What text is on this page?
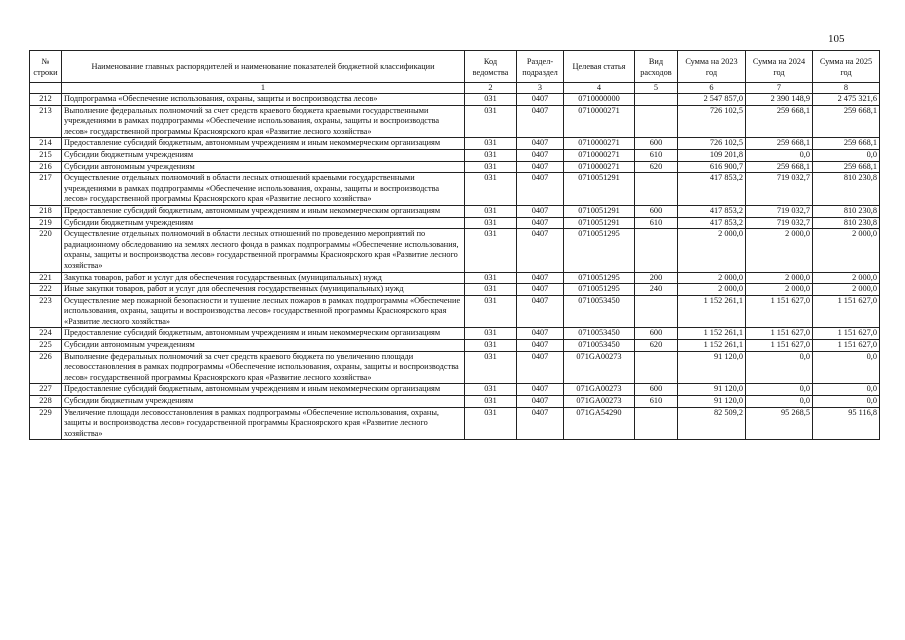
105
№ строки	Наименование главных распорядителей и наименование показателей бюджетной классификации	Код ведомства	Раздел-подраздел	Целевая статья	Вид расходов	Сумма на 2023 год	Сумма на 2024 год	Сумма на 2025 год
	1	2	3	4	5	6	7	8
212	Подпрограмма «Обеспечение использования, охраны, защиты и воспроизводства лесов»	031	0407	0710000000		2 547 857,0	2 390 148,9	2 475 321,6
213	Выполнение федеральных полномочий за счет средств краевого бюджета краевыми государственными учреждениями в рамках подпрограммы «Обеспечение использования, охраны, защиты и воспроизводства лесов» государственной программы Красноярского края «Развитие лесного хозяйства»	031	0407	0710000271		726 102,5	259 668,1	259 668,1
214	Предоставление субсидий бюджетным, автономным учреждениям и иным некоммерческим организациям	031	0407	0710000271	600	726 102,5	259 668,1	259 668,1
215	Субсидии бюджетным учреждениям	031	0407	0710000271	610	109 201,8	0,0	0,0
216	Субсидии автономным учреждениям	031	0407	0710000271	620	616 900,7	259 668,1	259 668,1
217	Осуществление отдельных полномочий в области лесных отношений краевыми государственными учреждениями в рамках подпрограммы «Обеспечение использования, охраны, защиты и воспроизводства лесов» государственной программы Красноярского края «Развитие лесного хозяйства»	031	0407	0710051291		417 853,2	719 032,7	810 230,8
218	Предоставление субсидий бюджетным, автономным учреждениям и иным некоммерческим организациям	031	0407	0710051291	600	417 853,2	719 032,7	810 230,8
219	Субсидии бюджетным учреждениям	031	0407	0710051291	610	417 853,2	719 032,7	810 230,8
220	Осуществление отдельных полномочий в области лесных отношений по проведению мероприятий по радиационному обследованию на землях лесного фонда в рамках подпрограммы «Обеспечение использования, охраны, защиты и воспроизводства лесов» государственной программы Красноярского края «Развитие лесного хозяйства»	031	0407	0710051295		2 000,0	2 000,0	2 000,0
221	Закупка товаров, работ и услуг для обеспечения государственных (муниципальных) нужд	031	0407	0710051295	200	2 000,0	2 000,0	2 000,0
222	Иные закупки товаров, работ и услуг для обеспечения государственных (муниципальных) нужд	031	0407	0710051295	240	2 000,0	2 000,0	2 000,0
223	Осуществление мер пожарной безопасности и тушение лесных пожаров в рамках подпрограммы «Обеспечение использования, охраны, защиты и воспроизводства лесов» государственной программы Красноярского края «Развитие лесного хозяйства»	031	0407	0710053450		1 152 261,1	1 151 627,0	1 151 627,0
224	Предоставление субсидий бюджетным, автономным учреждениям и иным некоммерческим организациям	031	0407	0710053450	600	1 152 261,1	1 151 627,0	1 151 627,0
225	Субсидии автономным учреждениям	031	0407	0710053450	620	1 152 261,1	1 151 627,0	1 151 627,0
226	Выполнение федеральных полномочий за счет средств краевого бюджета по увеличению площади лесовосстановления в рамках подпрограммы «Обеспечение использования, охраны, защиты и воспроизводства лесов» государственной программы Красноярского края «Развитие лесного хозяйства»	031	0407	071GA00273		91 120,0	0,0	0,0
227	Предоставление субсидий бюджетным, автономным учреждениям и иным некоммерческим организациям	031	0407	071GA00273	600	91 120,0	0,0	0,0
228	Субсидии бюджетным учреждениям	031	0407	071GA00273	610	91 120,0	0,0	0,0
229	Увеличение площади лесовосстановления в рамках подпрограммы «Обеспечение использования, охраны, защиты и воспроизводства лесов» государственной программы Красноярского края «Развитие лесного хозяйства»	031	0407	071GA54290		82 509,2	95 268,5	95 116,8
